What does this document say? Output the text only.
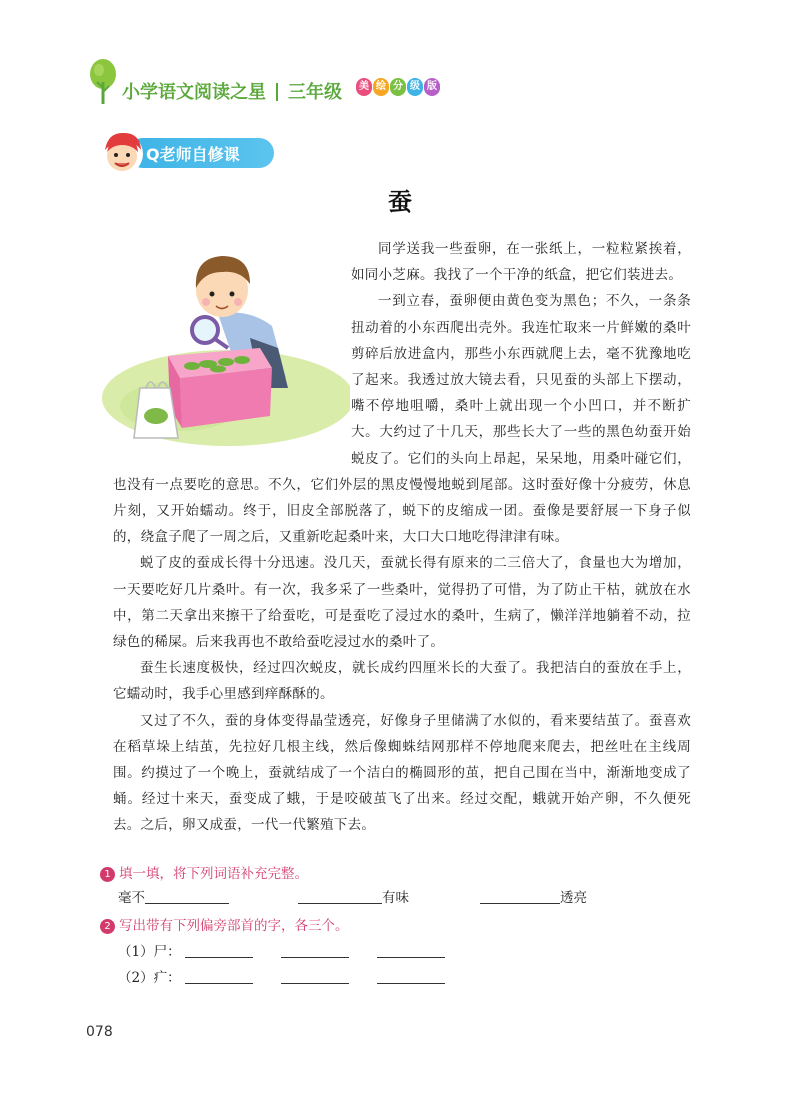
小学语文阅读之星 三年级	美 绘 分 级 版
Q老师自修课
蚕

同学送我一些蚕卵，在一张纸上，一粒粒紧挨着，如同小芝麻。我找了一个干净的纸盒，把它们装进去。

一到立春，蚕卵便由黄色变为黑色；不久，一条条扭动着的小东西爬出壳外。我连忙取来一片鲜嫩的桑叶剪碎后放进盒内，那些小东西就爬上去，毫不犹豫地吃了起来。我透过放大镜去看，只见蚕的头部上下摆动，嘴不停地咀嚼，桑叶上就出现一个小凹口，并不断扩大。大约过了十几天，那些长大了一些的黑色幼蚕开始蜕皮了。它们的头向上昂起，呆呆地，用桑叶碰它们，也没有一点要吃的意思。不久，它们外层的黑皮慢慢地蜕到尾部。这时蚕好像十分疲劳，休息片刻，又开始蠕动。终于，旧皮全部脱落了，蜕下的皮缩成一团。蚕像是要舒展一下身子似的，绕盒子爬了一周之后，又重新吃起桑叶来，大口大口地吃得津津有味。

蜕了皮的蚕成长得十分迅速。没几天，蚕就长得有原来的二三倍大了，食量也大为增加，一天要吃好几片桑叶。有一次，我多采了一些桑叶，觉得扔了可惜，为了防止干枯，就放在水中，第二天拿出来擦干了给蚕吃，可是蚕吃了浸过水的桑叶，生病了，懒洋洋地躺着不动，拉绿色的稀屎。后来我再也不敢给蚕吃浸过水的桑叶了。

蚕生长速度极快，经过四次蜕皮，就长成约四厘米长的大蚕了。我把洁白的蚕放在手上，它蠕动时，我手心里感到痒酥酥的。

又过了不久，蚕的身体变得晶莹透亮，好像身子里储满了水似的，看来要结茧了。蚕喜欢在稻草垛上结茧，先拉好几根主线，然后像蜘蛛结网那样不停地爬来爬去，把丝吐在主线周围。约摸过了一个晚上，蚕就结成了一个洁白的椭圆形的茧，把自己围在当中，渐渐地变成了蛹。经过十来天，蚕变成了蛾，于是咬破茧飞了出来。经过交配，蛾就开始产卵，不久便死去。之后，卵又成蚕，一代一代繁殖下去。

1 填一填，将下列词语补充完整。
毫不	有味	透亮
2 写出带有下列偏旁部首的字，各三个。
（1）尸：
（2）疒：
078
